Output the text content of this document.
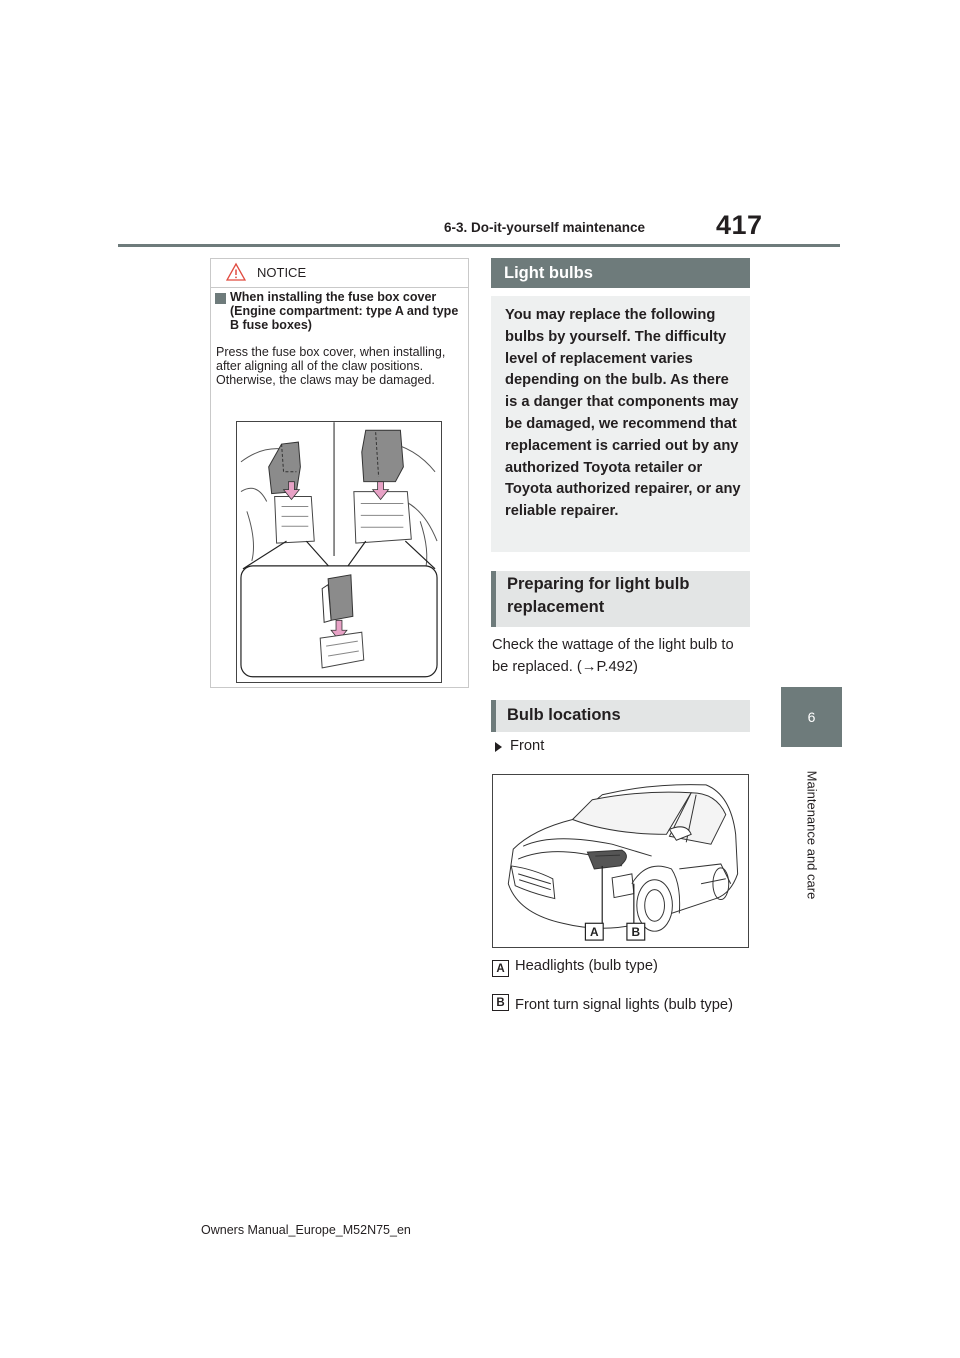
6-3. Do-it-yourself maintenance	417
6
Maintenance and care
NOTICE
When installing the fuse box cover (Engine compartment: type A and type B fuse boxes)
Press the fuse box cover, when installing, after aligning all of the claw positions. Otherwise, the claws may be damaged.
Light bulbs
You may replace the following bulbs by yourself. The difficulty level of replacement varies depending on the bulb. As there is a danger that components may be damaged, we recommend that replacement is carried out by any authorized Toyota retailer or Toyota authorized repairer, or any reliable repairer.
Preparing for light bulb replacement
Check the wattage of the light bulb to be replaced. (→P.492)
Bulb locations
Front
A	B
A Headlights (bulb type)
B Front turn signal lights (bulb type)
Owners Manual_Europe_M52N75_en
